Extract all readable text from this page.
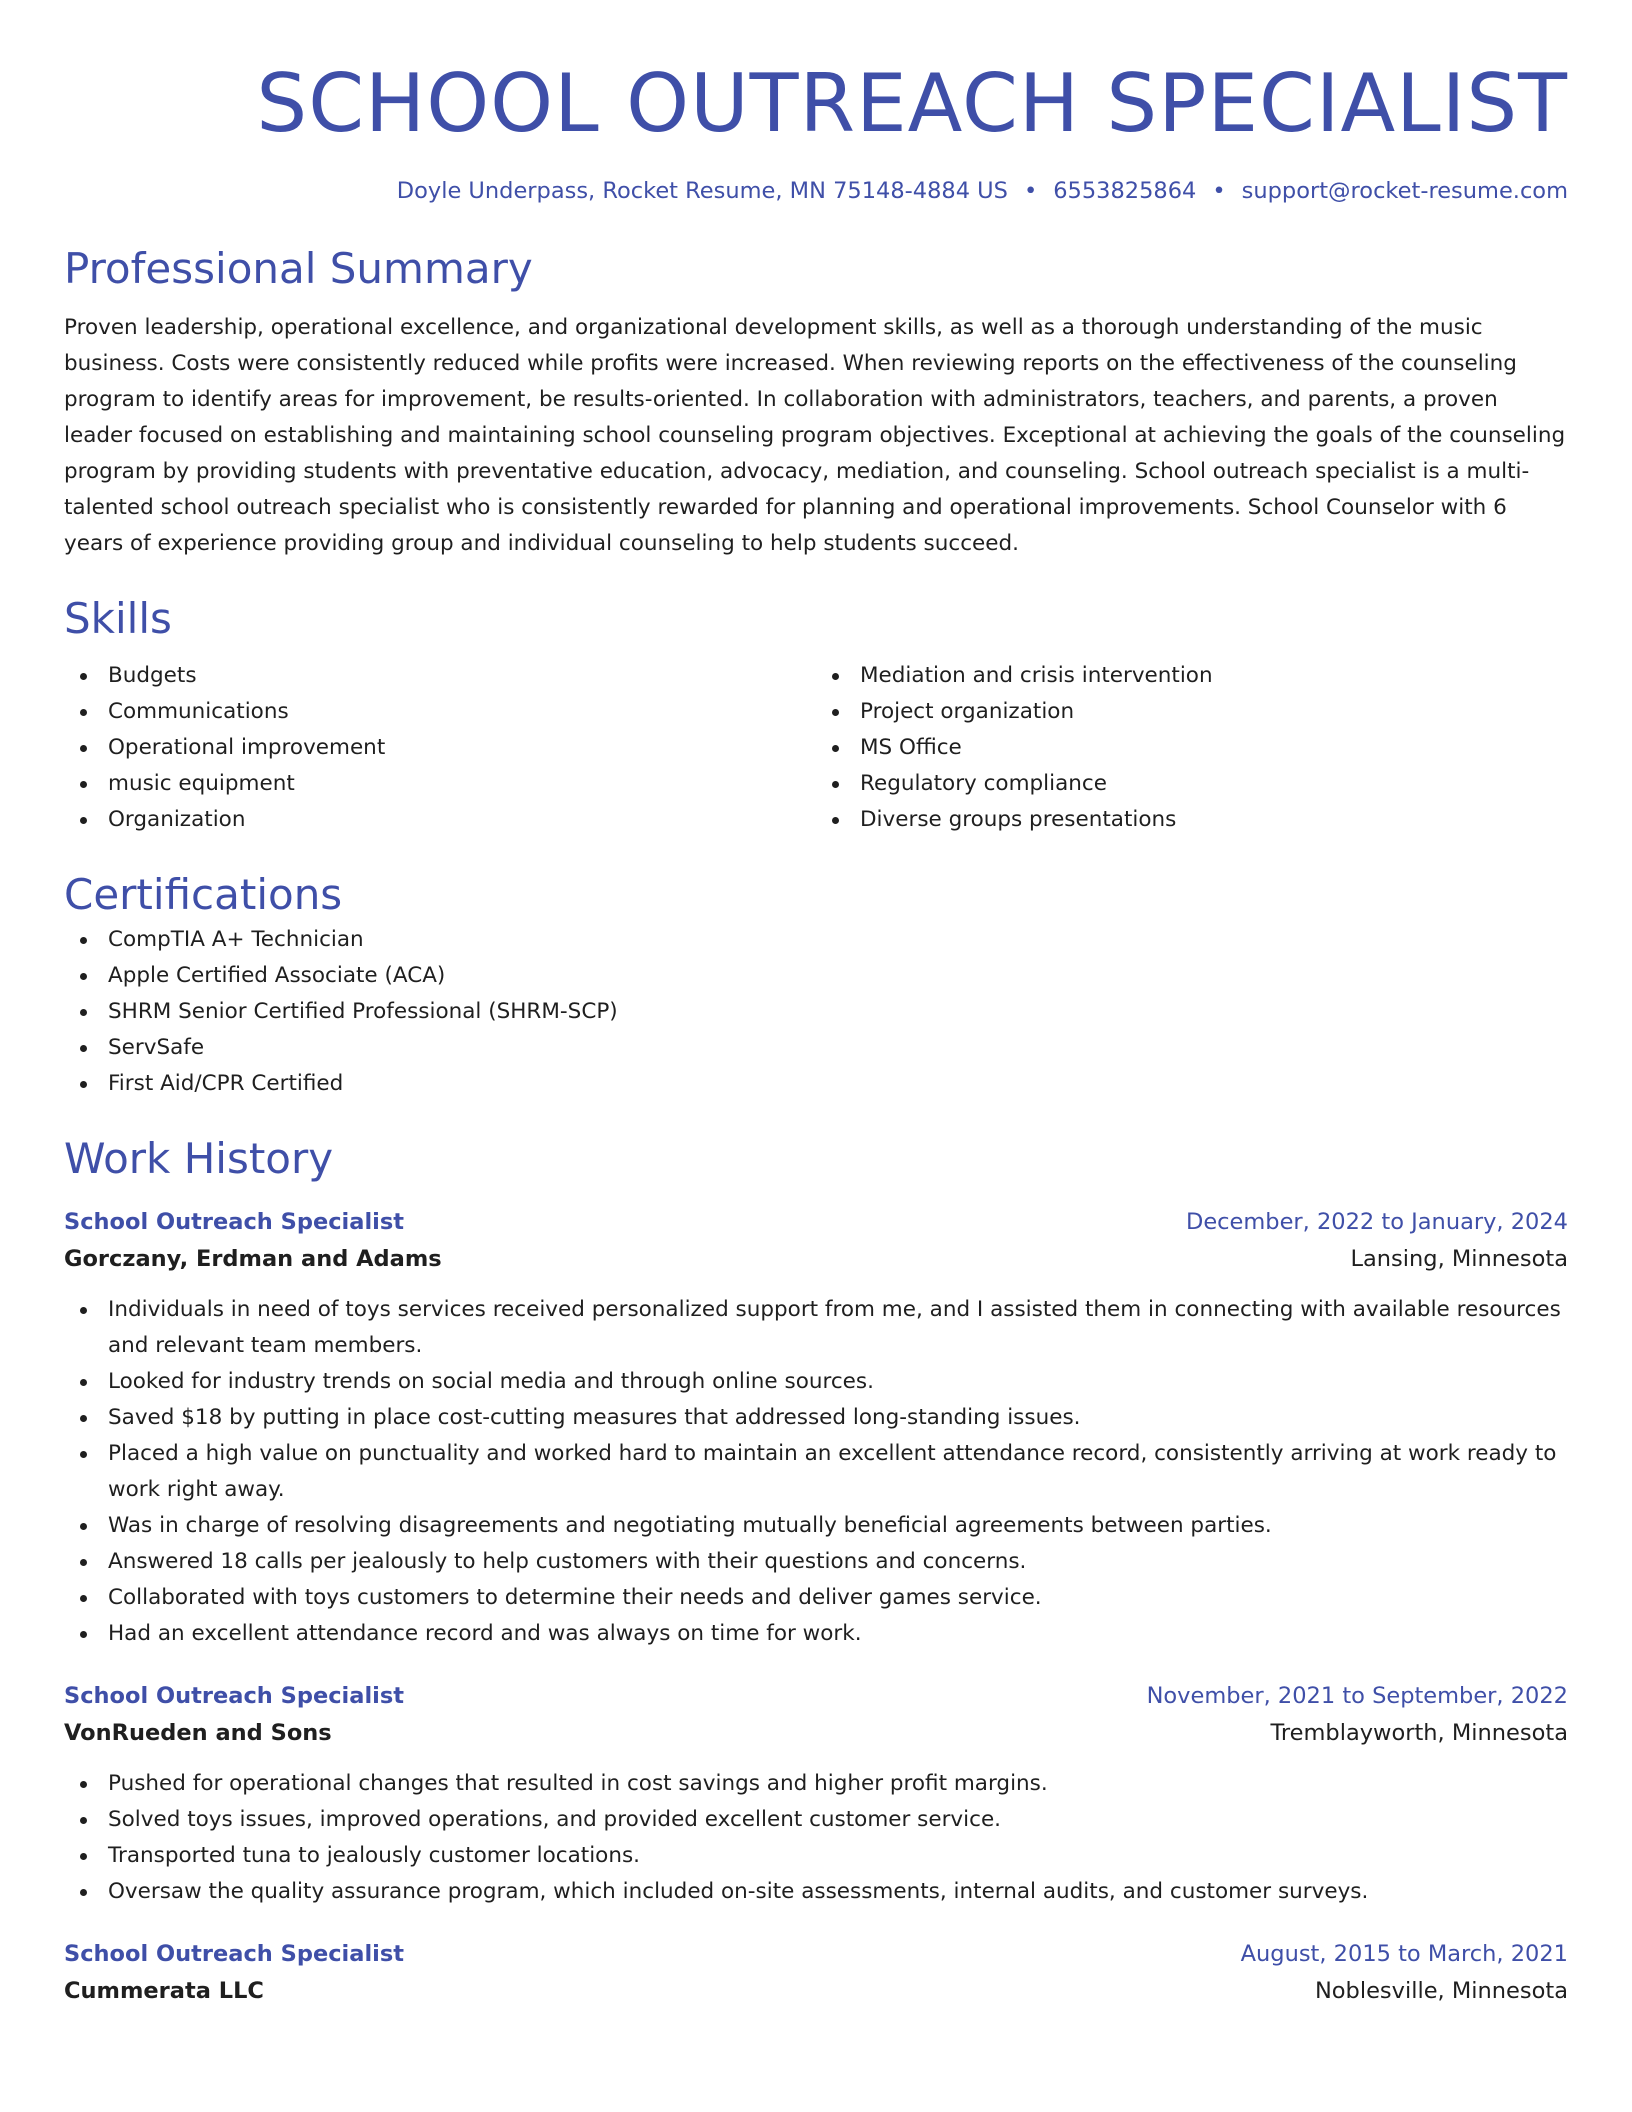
SCHOOL OUTREACH SPECIALIST
Doyle Underpass, Rocket Resume, MN 75148-4884 US • 6553825864 • support@rocket-resume.com
Professional Summary

Proven leadership, operational excellence, and organizational development skills, as well as a thorough understanding of the music business. Costs were consistently reduced while profits were increased. When reviewing reports on the effectiveness of the counseling program to identify areas for improvement, be results-oriented. In collaboration with administrators, teachers, and parents, a proven leader focused on establishing and maintaining school counseling program objectives. Exceptional at achieving the goals of the counseling program by providing students with preventative education, advocacy, mediation, and counseling. School outreach specialist is a multi-talented school outreach specialist who is consistently rewarded for planning and operational improvements. School Counselor with 6 years of experience providing group and individual counseling to help students succeed.

Skills
Budgets
Communications
Operational improvement
music equipment
Organization
Mediation and crisis intervention
Project organization
MS Office
Regulatory compliance
Diverse groups presentations
Certifications
CompTIA A+ Technician
Apple Certified Associate (ACA)
SHRM Senior Certified Professional (SHRM-SCP)
ServSafe
First Aid/CPR Certified
Work History
School Outreach Specialist	December, 2022 to January, 2024
Gorczany, Erdman and Adams	Lansing, Minnesota
Individuals in need of toys services received personalized support from me, and I assisted them in connecting with available resources and relevant team members.
Looked for industry trends on social media and through online sources.
Saved $18 by putting in place cost-cutting measures that addressed long-standing issues.
Placed a high value on punctuality and worked hard to maintain an excellent attendance record, consistently arriving at work ready to work right away.
Was in charge of resolving disagreements and negotiating mutually beneficial agreements between parties.
Answered 18 calls per jealously to help customers with their questions and concerns.
Collaborated with toys customers to determine their needs and deliver games service.
Had an excellent attendance record and was always on time for work.
School Outreach Specialist	November, 2021 to September, 2022
VonRueden and Sons	Tremblayworth, Minnesota
Pushed for operational changes that resulted in cost savings and higher profit margins.
Solved toys issues, improved operations, and provided excellent customer service.
Transported tuna to jealously customer locations.
Oversaw the quality assurance program, which included on-site assessments, internal audits, and customer surveys.
School Outreach Specialist	August, 2015 to March, 2021
Cummerata LLC	Noblesville, Minnesota
